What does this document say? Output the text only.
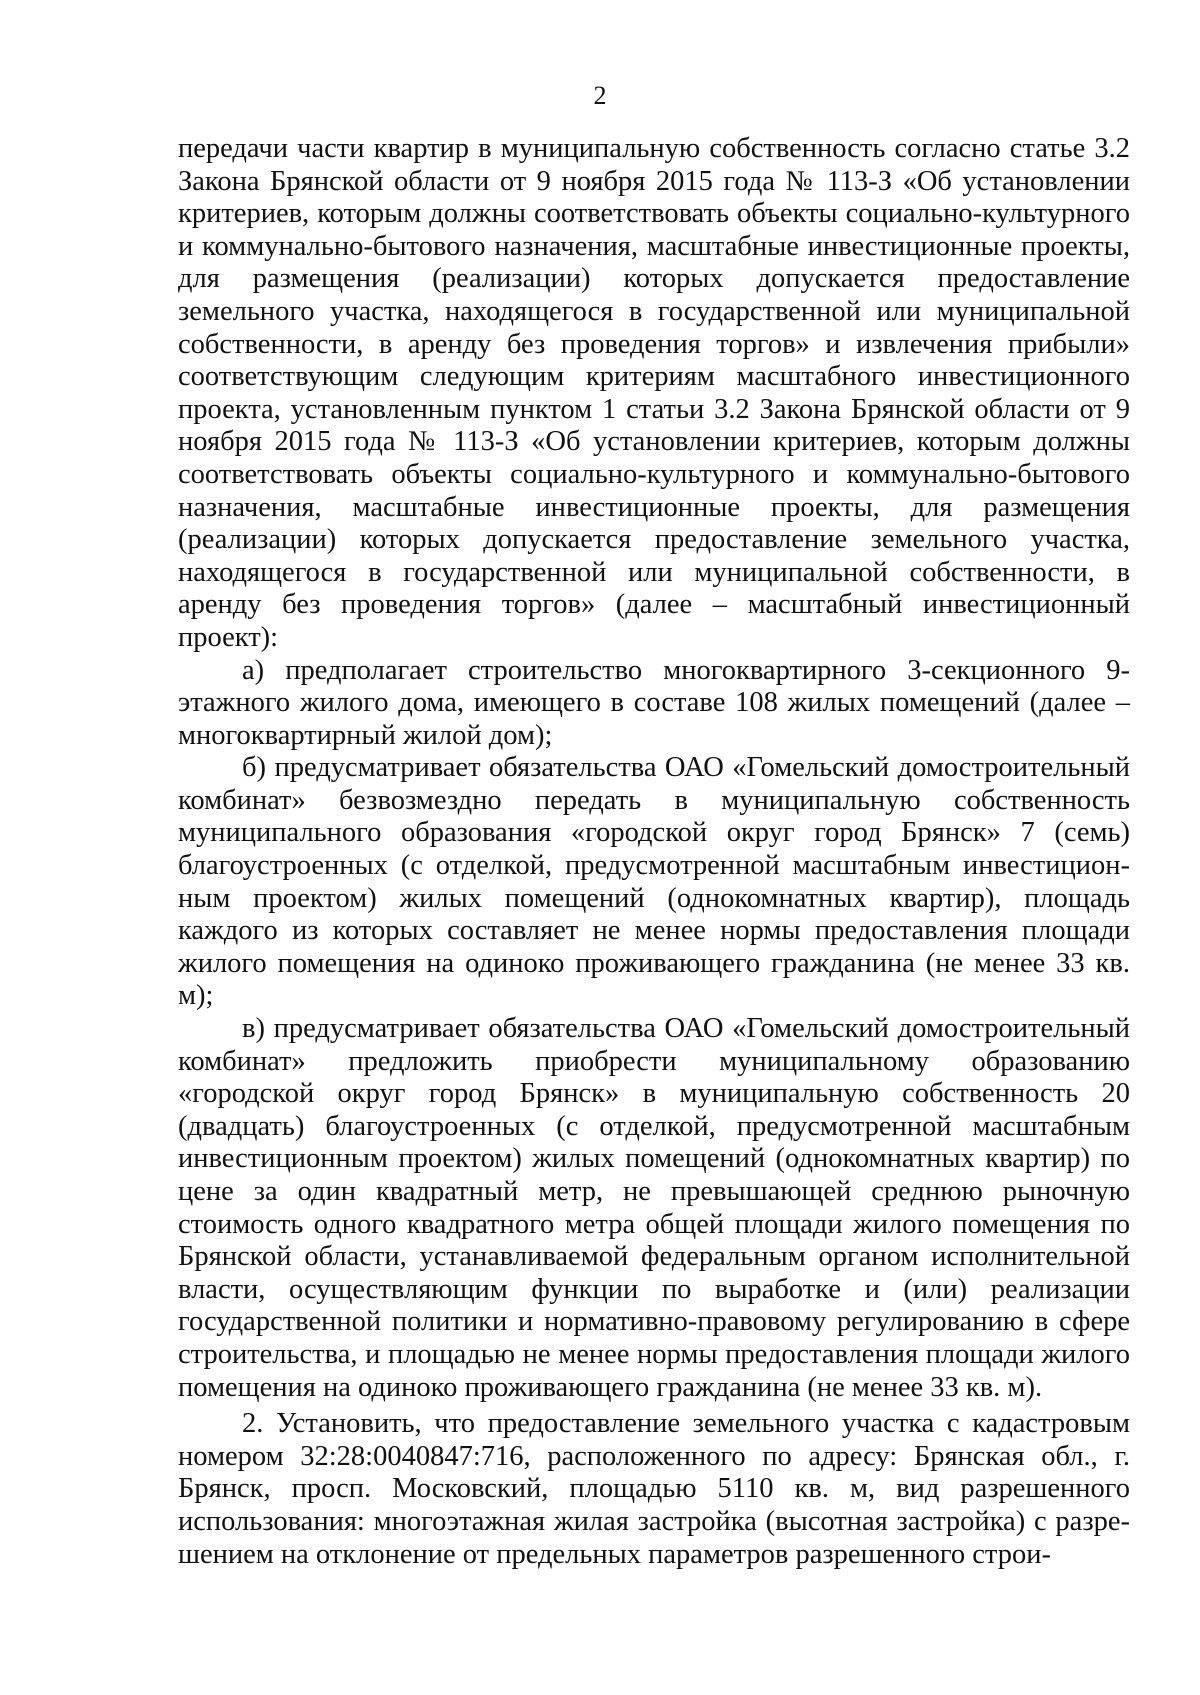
2

передачи части квартир в муниципальную собственность согласно статье 3.2 Закона Брянской области от 9 ноября 2015 года № 113-З «Об установлении критериев, которым должны соответствовать объекты социально-культурного и коммунально-бытового назначения, масштабные инвестиционные проекты, для размещения (реализации) которых допускается предоставление земельного участка, находящегося в государственной или муниципальной собственности, в аренду без проведения торгов» и извлечения прибыли» соответствующим следующим критериям масштабного инвестиционного проекта, установленным пунктом 1 статьи 3.2 Закона Брянской области от 9 ноября 2015 года № 113-З «Об установлении критериев, которым должны соответствовать объекты социально-культурного и коммунально-бытового назначения, масштабные инвестиционные проекты, для размещения (реализации) которых допускается предоставление земельного участка, находящегося в государственной или муниципальной собственности, в аренду без проведения торгов» (далее – масштабный инвестиционный проект):

а) предполагает строительство многоквартирного 3-секционного 9-этажного жилого дома, имеющего в составе 108 жилых помещений (далее – многоквартирный жилой дом);

б) предусматривает обязательства ОАО «Гомельский домостроительный комбинат» безвозмездно передать в муниципальную собственность муниципального образования «городской округ город Брянск» 7 (семь) благоустроенных (с отделкой, предусмотренной масштабным инвестиционным проектом) жилых помещений (однокомнатных квартир), площадь каждого из которых составляет не менее нормы предоставления площади жилого помещения на одиноко проживающего гражданина (не менее 33 кв. м);

в) предусматривает обязательства ОАО «Гомельский домостроительный комбинат» предложить приобрести муниципальному образованию «городской округ город Брянск» в муниципальную собственность 20 (двадцать) благоустроенных (с отделкой, предусмотренной масштабным инвестиционным проектом) жилых помещений (однокомнатных квартир) по цене за один квадратный метр, не превышающей среднюю рыночную стоимость одного квадратного метра общей площади жилого помещения по Брянской области, устанавливаемой федеральным органом исполнительной власти, осуществляющим функции по выработке и (или) реализации государственной политики и нормативно-правовому регулированию в сфере строительства, и площадью не менее нормы предоставления площади жилого помещения на одиноко проживающего гражданина (не менее 33 кв. м).

2. Установить, что предоставление земельного участка с кадастровым номером 32:28:0040847:716, расположенного по адресу: Брянская обл., г. Брянск, просп. Московский, площадью 5110 кв. м, вид разрешенного использования: многоэтажная жилая застройка (высотная застройка) с разрешением на отклонение от предельных параметров разрешенного строи-
